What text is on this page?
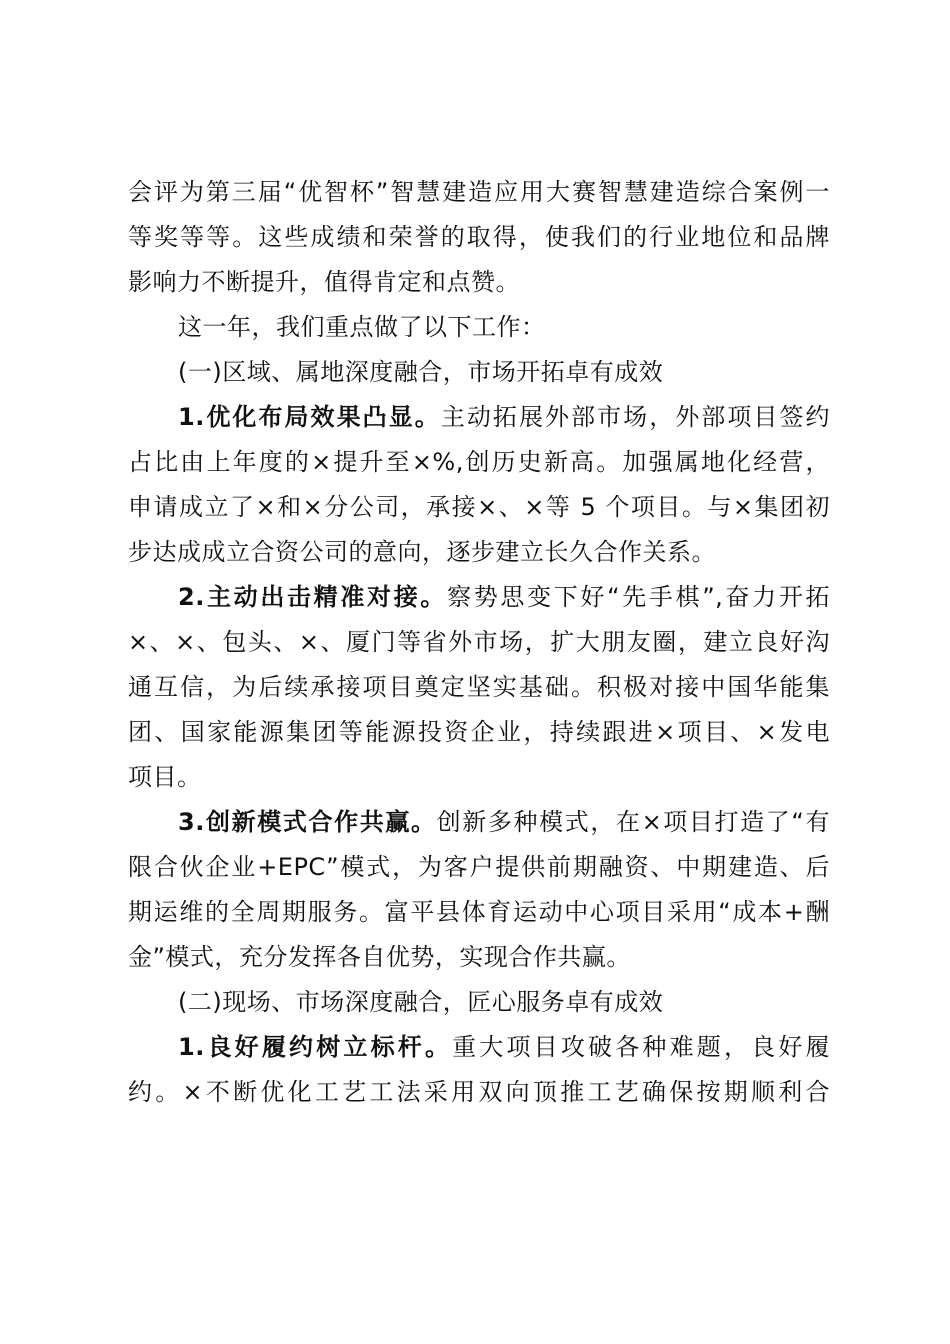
会评为第三届“优智杯”智慧建造应用大赛智慧建造综合案例一
等奖等等。这些成绩和荣誉的取得，使我们的行业地位和品牌
影响力不断提升，值得肯定和点赞。
这一年，我们重点做了以下工作：
(一)区域、属地深度融合，市场开拓卓有成效
1.优化布局效果凸显。主动拓展外部市场，外部项目签约
占比由上年度的×提升至×%,创历史新高。加强属地化经营，
申请成立了×和×分公司，承接×、×等 5 个项目。与×集团初
步达成成立合资公司的意向，逐步建立长久合作关系。
2.主动出击精准对接。察势思变下好“先手棋”,奋力开拓
×、×、包头、×、厦门等省外市场，扩大朋友圈，建立良好沟
通互信，为后续承接项目奠定坚实基础。积极对接中国华能集
团、国家能源集团等能源投资企业，持续跟进×项目、×发电
项目。
3.创新模式合作共赢。创新多种模式，在×项目打造了“有
限合伙企业+EPC”模式，为客户提供前期融资、中期建造、后
期运维的全周期服务。富平县体育运动中心项目采用“成本+酬
金”模式，充分发挥各自优势，实现合作共赢。
(二)现场、市场深度融合，匠心服务卓有成效
1.良好履约树立标杆。重大项目攻破各种难题，良好履
约。×不断优化工艺工法采用双向顶推工艺确保按期顺利合
